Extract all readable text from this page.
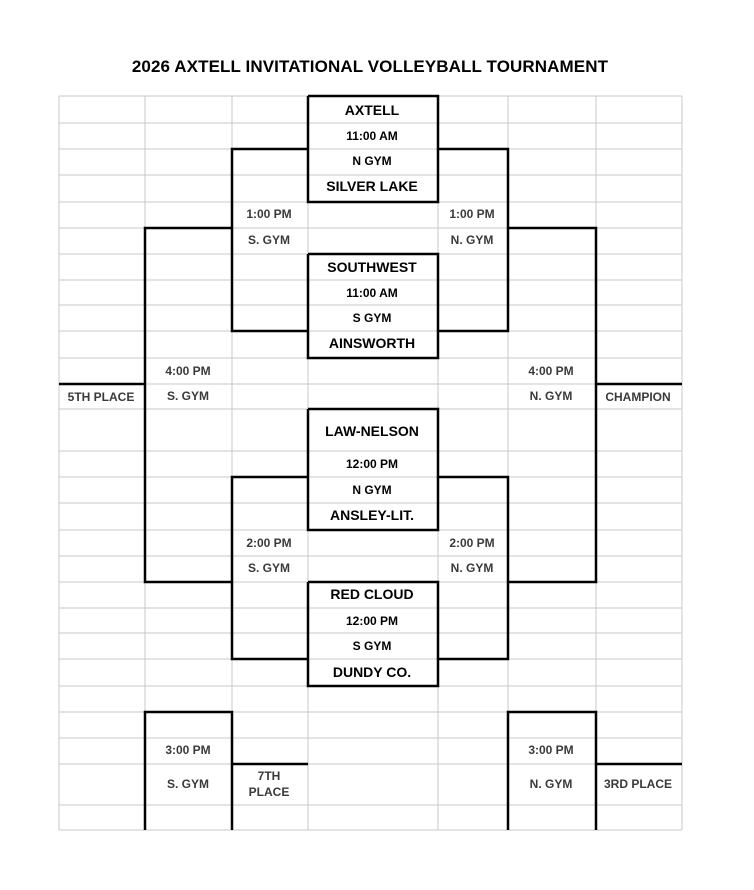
2026 AXTELL INVITATIONAL VOLLEYBALL TOURNAMENT
AXTELL
11:00 AM
N GYM
SILVER LAKE
SOUTHWEST
11:00 AM
S GYM
AINSWORTH
LAW-NELSON
12:00 PM
N GYM
ANSLEY-LIT.
RED CLOUD
12:00 PM
S GYM
DUNDY CO.
1:00 PM
S. GYM
1:00 PM
N. GYM
2:00 PM
S. GYM
2:00 PM
N. GYM
4:00 PM
S. GYM
5TH PLACE
4:00 PM
N. GYM	CHAMPION
3:00 PM
S. GYM
7TH
PLACE
3:00 PM
N. GYM	3RD PLACE
